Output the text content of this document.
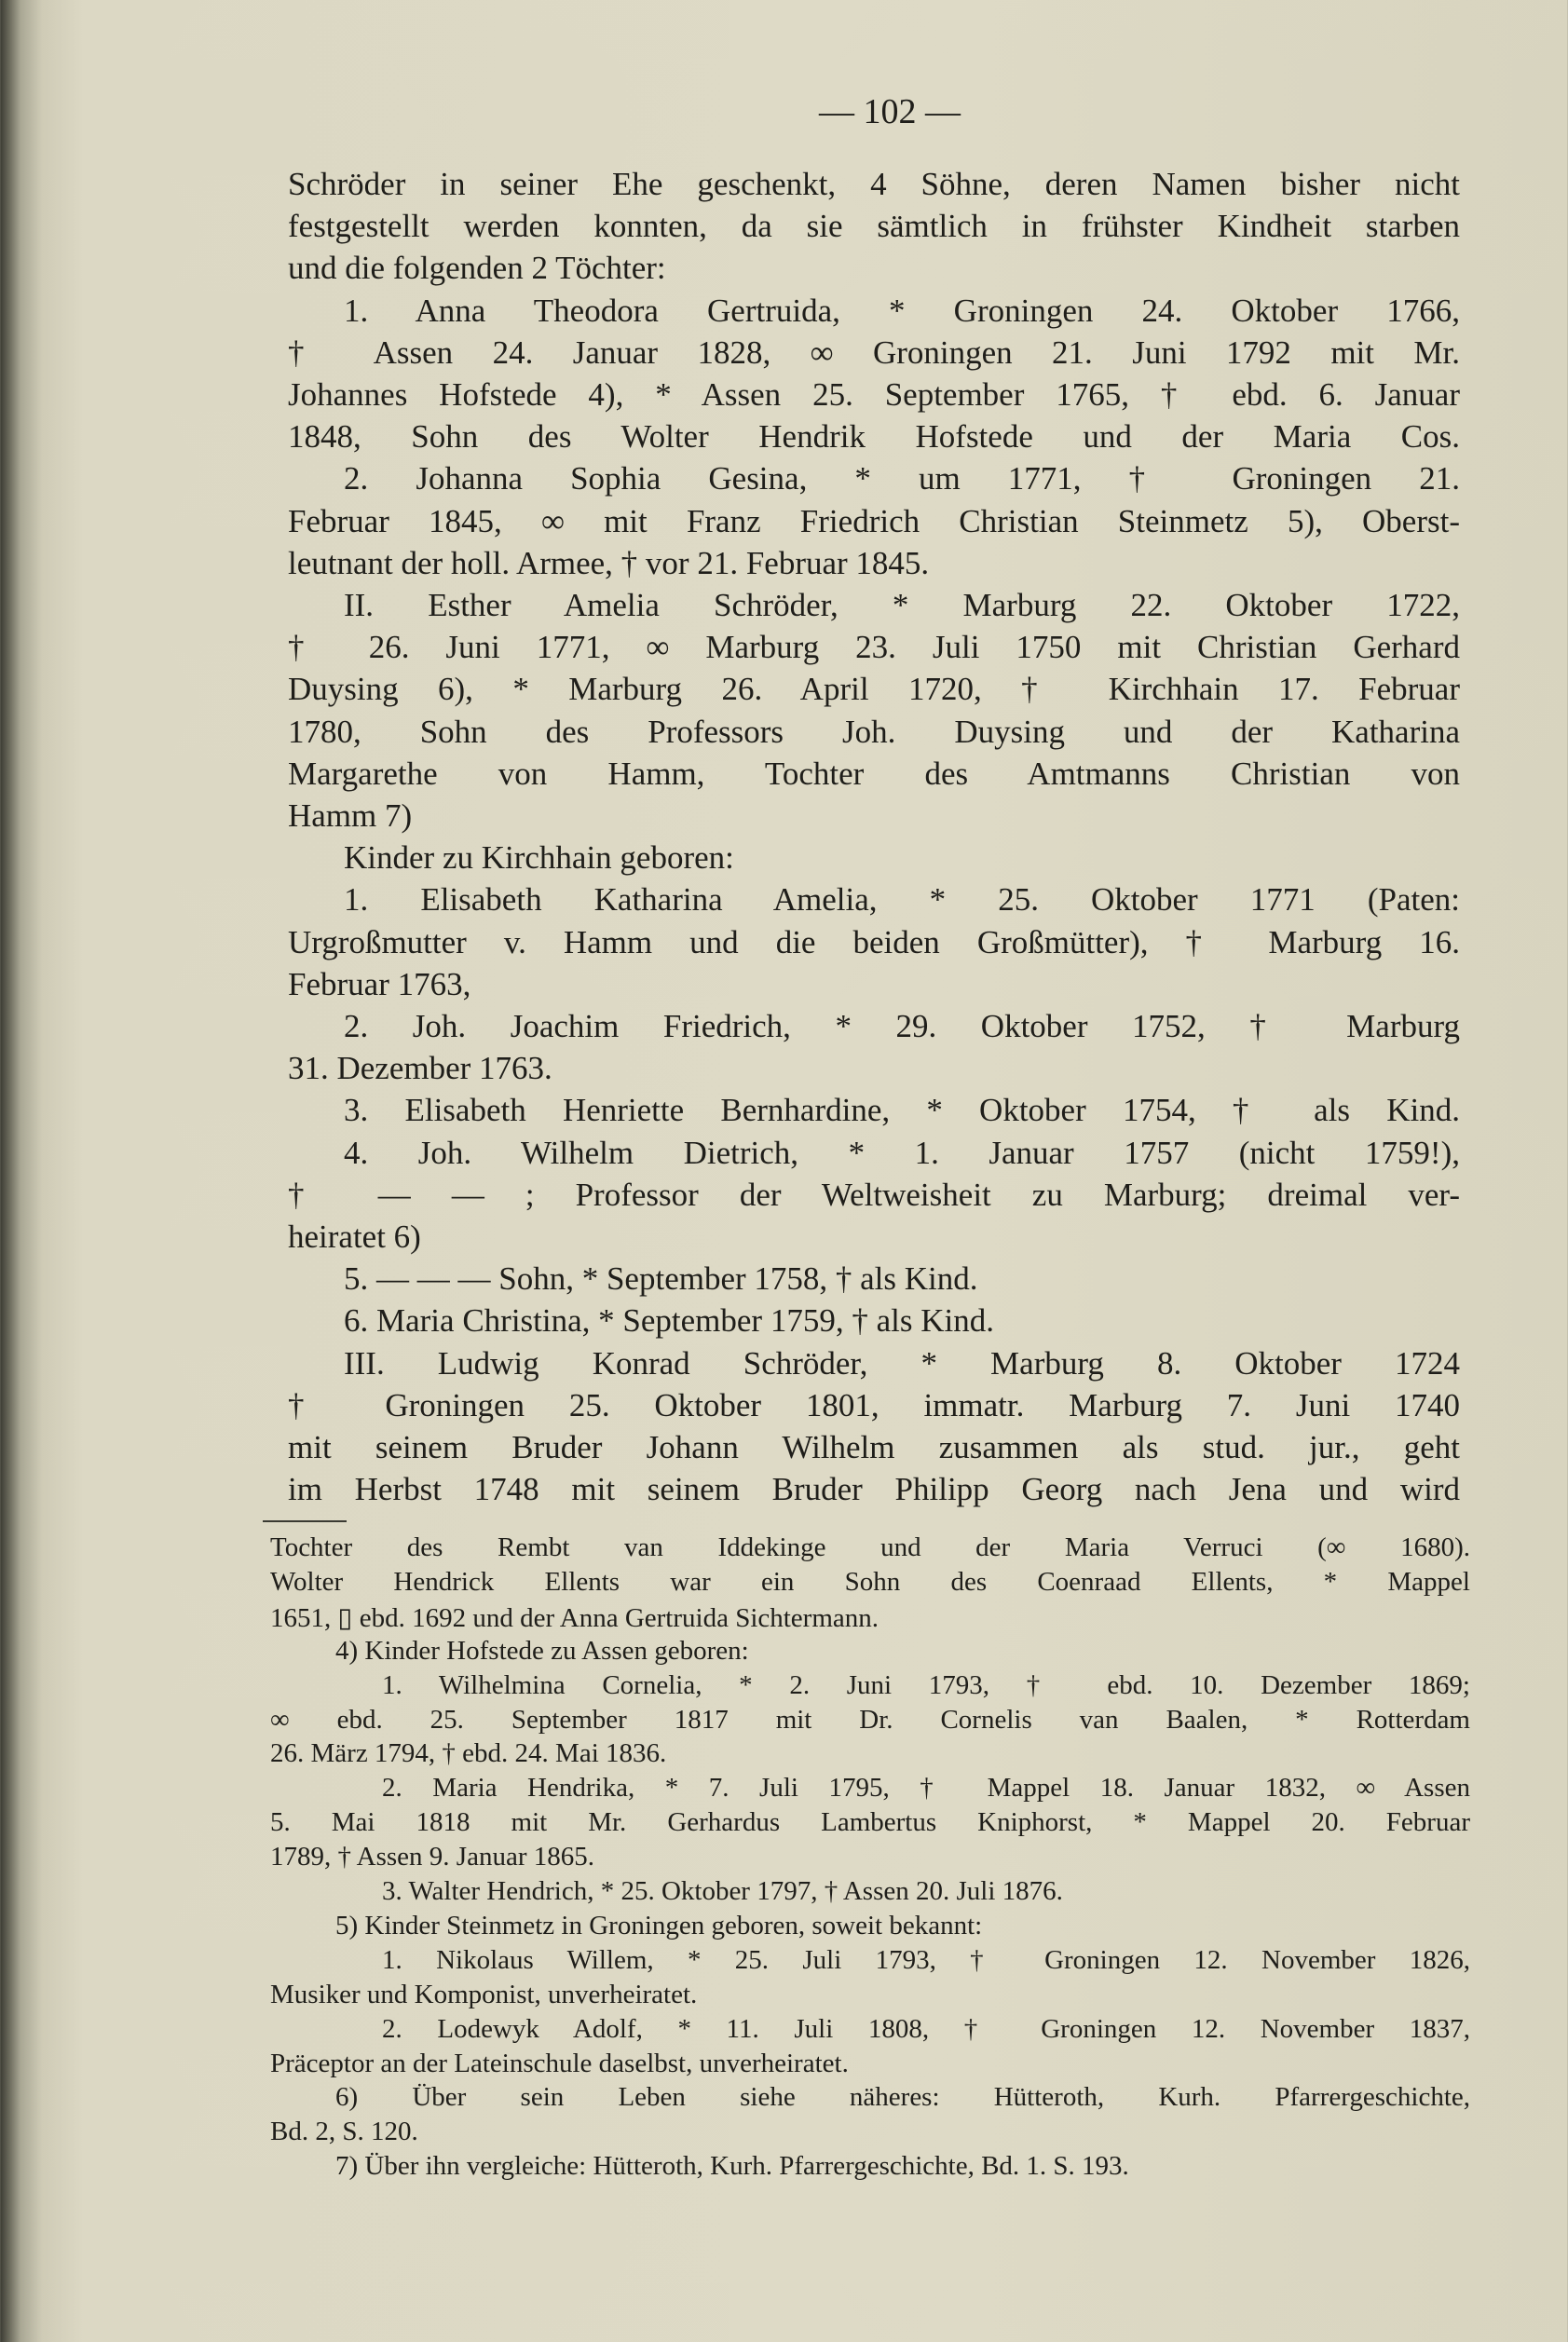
— 102 —
Schröder in seiner Ehe geschenkt, 4 Söhne, deren Namen bisher nicht
festgestellt werden konnten, da sie sämtlich in frühster Kindheit starben
und die folgenden 2 Töchter:
1. Anna Theodora Gertruida, * Groningen 24. Oktober 1766,
† Assen 24. Januar 1828, ∞ Groningen 21. Juni 1792 mit Mr.
Johannes Hofstede 4), * Assen 25. September 1765, † ebd. 6. Januar
1848, Sohn des Wolter Hendrik Hofstede und der Maria Cos.
2. Johanna Sophia Gesina, * um 1771, † Groningen 21.
Februar 1845, ∞ mit Franz Friedrich Christian Steinmetz 5), Oberst-
leutnant der holl. Armee, † vor 21. Februar 1845.
II. Esther Amelia Schröder, * Marburg 22. Oktober 1722,
† 26. Juni 1771, ∞ Marburg 23. Juli 1750 mit Christian Gerhard
Duysing 6), * Marburg 26. April 1720, † Kirchhain 17. Februar
1780, Sohn des Professors Joh. Duysing und der Katharina
Margarethe von Hamm, Tochter des Amtmanns Christian von
Hamm 7)
Kinder zu Kirchhain geboren:
1. Elisabeth Katharina Amelia, * 25. Oktober 1771 (Paten:
Urgroßmutter v. Hamm und die beiden Großmütter), † Marburg 16.
Februar 1763,
2. Joh. Joachim Friedrich, * 29. Oktober 1752, † Marburg
31. Dezember 1763.
3. Elisabeth Henriette Bernhardine, * Oktober 1754, † als Kind.
4. Joh. Wilhelm Dietrich, * 1. Januar 1757 (nicht 1759!),
† — — ; Professor der Weltweisheit zu Marburg; dreimal ver-
heiratet 6)
5. — — — Sohn, * September 1758, † als Kind.
6. Maria Christina, * September 1759, † als Kind.
III. Ludwig Konrad Schröder, * Marburg 8. Oktober 1724
† Groningen 25. Oktober 1801, immatr. Marburg 7. Juni 1740
mit seinem Bruder Johann Wilhelm zusammen als stud. jur., geht
im Herbst 1748 mit seinem Bruder Philipp Georg nach Jena und wird
Tochter des Rembt van Iddekinge und der Maria Verruci (∞ 1680).
Wolter Hendrick Ellents war ein Sohn des Coenraad Ellents, * Mappel
1651, ▯ ebd. 1692 und der Anna Gertruida Sichtermann.
4) Kinder Hofstede zu Assen geboren:
1. Wilhelmina Cornelia, * 2. Juni 1793, † ebd. 10. Dezember 1869;
∞ ebd. 25. September 1817 mit Dr. Cornelis van Baalen, * Rotterdam
26. März 1794, † ebd. 24. Mai 1836.
2. Maria Hendrika, * 7. Juli 1795, † Mappel 18. Januar 1832, ∞ Assen
5. Mai 1818 mit Mr. Gerhardus Lambertus Kniphorst, * Mappel 20. Februar
1789, † Assen 9. Januar 1865.
3. Walter Hendrich, * 25. Oktober 1797, † Assen 20. Juli 1876.
5) Kinder Steinmetz in Groningen geboren, soweit bekannt:
1. Nikolaus Willem, * 25. Juli 1793, † Groningen 12. November 1826,
Musiker und Komponist, unverheiratet.
2. Lodewyk Adolf, * 11. Juli 1808, † Groningen 12. November 1837,
Präceptor an der Lateinschule daselbst, unverheiratet.
6) Über sein Leben siehe näheres: Hütteroth, Kurh. Pfarrergeschichte,
Bd. 2, S. 120.
7) Über ihn vergleiche: Hütteroth, Kurh. Pfarrergeschichte, Bd. 1. S. 193.
